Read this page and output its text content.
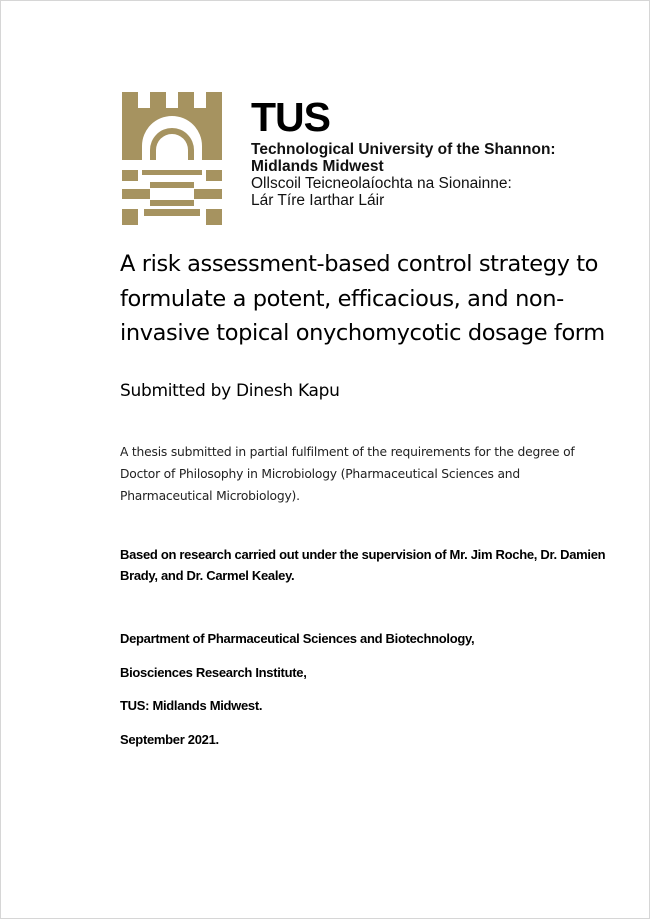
TUS
Technological University of the Shannon:
Midlands Midwest
Ollscoil Teicneolaíochta na Sionainne:
Lár Tíre Iarthar Láir
A risk assessment-based control strategy to formulate a potent, efficacious, and non-invasive topical onychomycotic dosage form
Submitted by Dinesh Kapu
A thesis submitted in partial fulfilment of the requirements for the degree of Doctor of Philosophy in Microbiology (Pharmaceutical Sciences and Pharmaceutical Microbiology).
Based on research carried out under the supervision of Mr. Jim Roche, Dr. Damien Brady, and Dr. Carmel Kealey.
Department of Pharmaceutical Sciences and Biotechnology,
Biosciences Research Institute,
TUS: Midlands Midwest.
September 2021.
